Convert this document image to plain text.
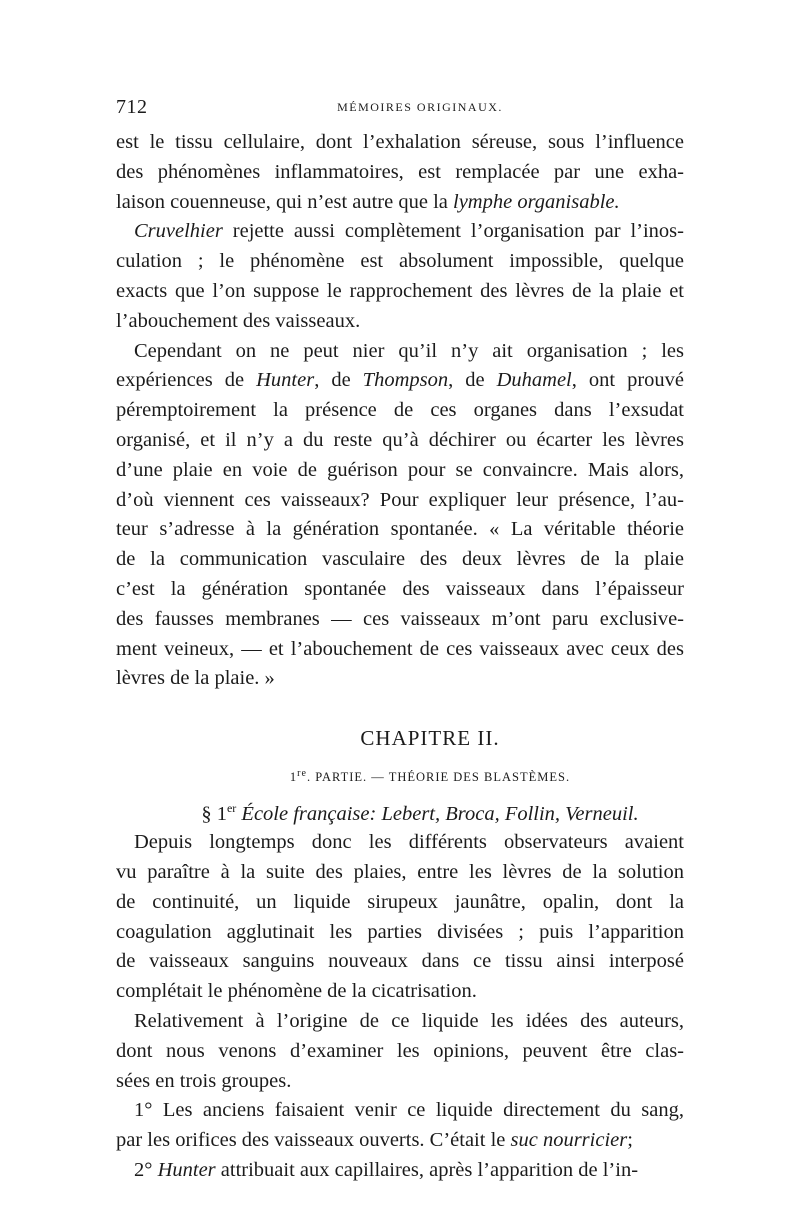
712	MÉMOIRES ORIGINAUX.

est le tissu cellulaire, dont l’exhalation séreuse, sous l’influence
des phénomènes inflammatoires, est remplacée par une exha-
laison couenneuse, qui n’est autre que la lymphe organisable.

Cruvelhier rejette aussi complètement l’organisation par l’inos-
culation ; le phénomène est absolument impossible, quelque
exacts que l’on suppose le rapprochement des lèvres de la plaie et
l’abouchement des vaisseaux.

Cependant on ne peut nier qu’il n’y ait organisation ; les
expériences de Hunter, de Thompson, de Duhamel, ont prouvé
péremptoirement la présence de ces organes dans l’exsudat
organisé, et il n’y a du reste qu’à déchirer ou écarter les lèvres
d’une plaie en voie de guérison pour se convaincre. Mais alors,
d’où viennent ces vaisseaux? Pour expliquer leur présence, l’au-
teur s’adresse à la génération spontanée. « La véritable théorie
de la communication vasculaire des deux lèvres de la plaie
c’est la génération spontanée des vaisseaux dans l’épaisseur
des fausses membranes — ces vaisseaux m’ont paru exclusive-
ment veineux, — et l’abouchement de ces vaisseaux avec ceux des
lèvres de la plaie. »

CHAPITRE II.
1re. PARTIE. — THÉORIE DES BLASTÈMES.
§ 1er École française: Lebert, Broca, Follin, Verneuil.

Depuis longtemps donc les différents observateurs avaient
vu paraître à la suite des plaies, entre les lèvres de la solution
de continuité, un liquide sirupeux jaunâtre, opalin, dont la
coagulation agglutinait les parties divisées ; puis l’apparition
de vaisseaux sanguins nouveaux dans ce tissu ainsi interposé
complétait le phénomène de la cicatrisation.

Relativement à l’origine de ce liquide les idées des auteurs,
dont nous venons d’examiner les opinions, peuvent être clas-
sées en trois groupes.

1° Les anciens faisaient venir ce liquide directement du sang,
par les orifices des vaisseaux ouverts. C’était le suc nourricier;

2° Hunter attribuait aux capillaires, après l’apparition de l’in-
